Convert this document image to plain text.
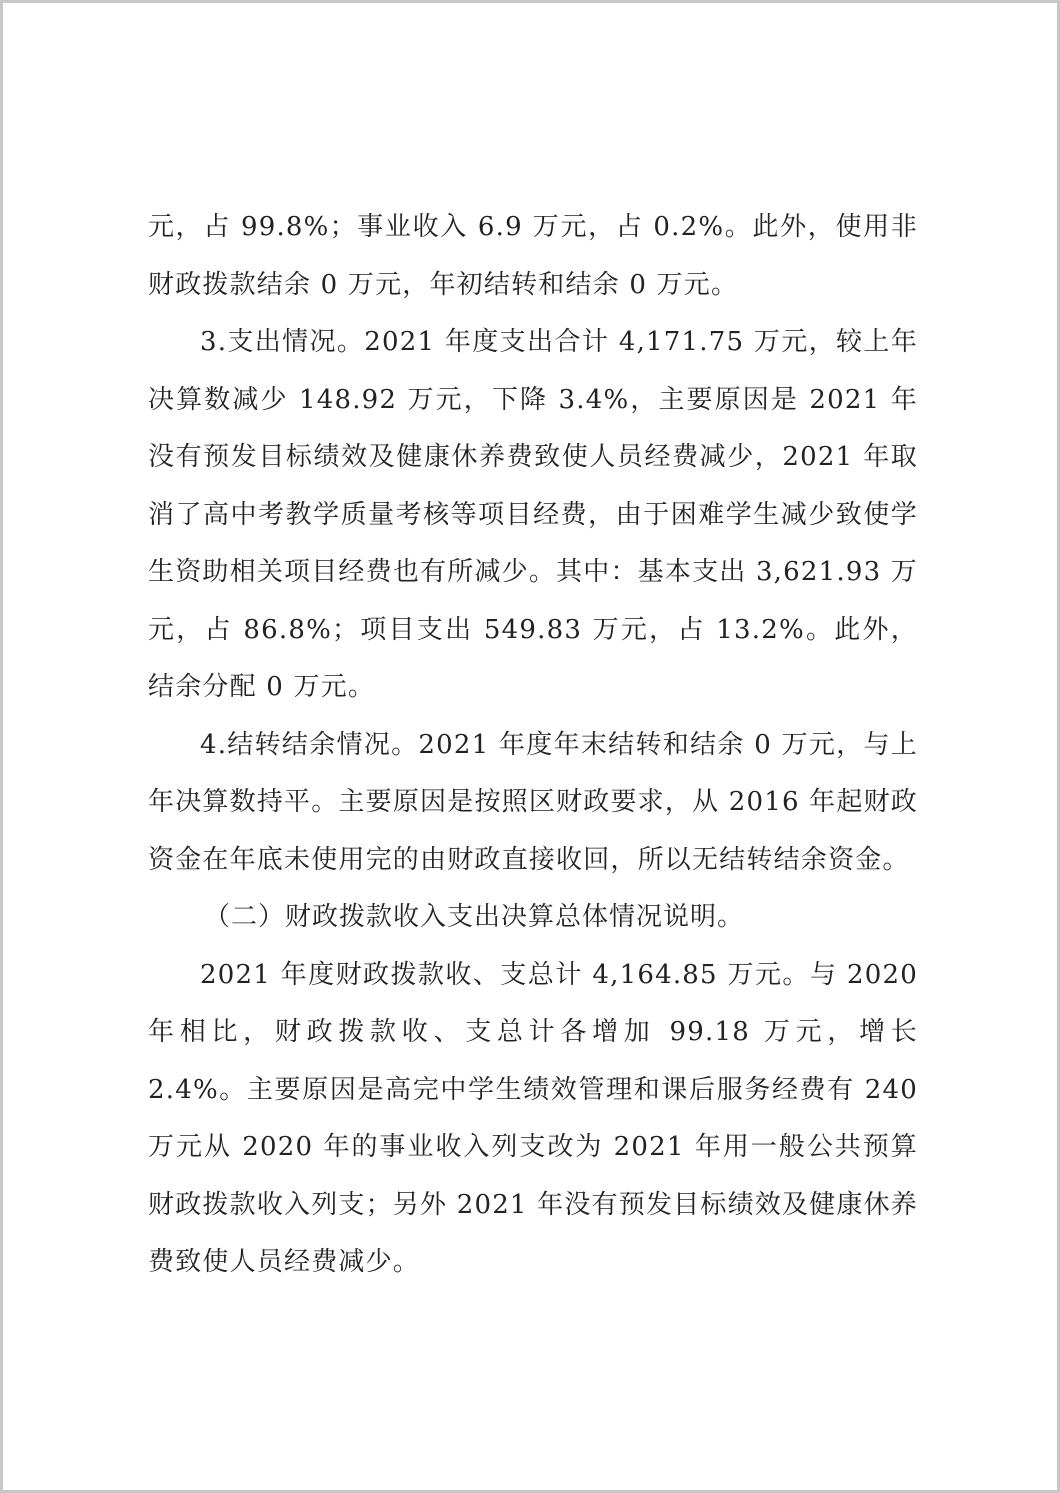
元，占 99.8%；事业收入 6.9 万元，占 0.2%。此外，使用非财政拨款结余 0 万元，年初结转和结余 0 万元。

3.支出情况。2021 年度支出合计 4,171.75 万元，较上年决算数减少 148.92 万元，下降 3.4%，主要原因是 2021 年没有预发目标绩效及健康休养费致使人员经费减少，2021 年取消了高中考教学质量考核等项目经费，由于困难学生减少致使学生资助相关项目经费也有所减少。其中：基本支出 3,621.93 万元，占 86.8%；项目支出 549.83 万元，占 13.2%。此外，结余分配 0 万元。

4.结转结余情况。2021 年度年末结转和结余 0 万元，与上年决算数持平。主要原因是按照区财政要求，从 2016 年起财政资金在年底未使用完的由财政直接收回，所以无结转结余资金。

（二）财政拨款收入支出决算总体情况说明。

2021 年度财政拨款收、支总计 4,164.85 万元。与 2020 年相比，财政拨款收、支总计各增加 99.18 万元，增长 2.4%。主要原因是高完中学生绩效管理和课后服务经费有 240 万元从 2020 年的事业收入列支改为 2021 年用一般公共预算财政拨款收入列支；另外 2021 年没有预发目标绩效及健康休养费致使人员经费减少。
